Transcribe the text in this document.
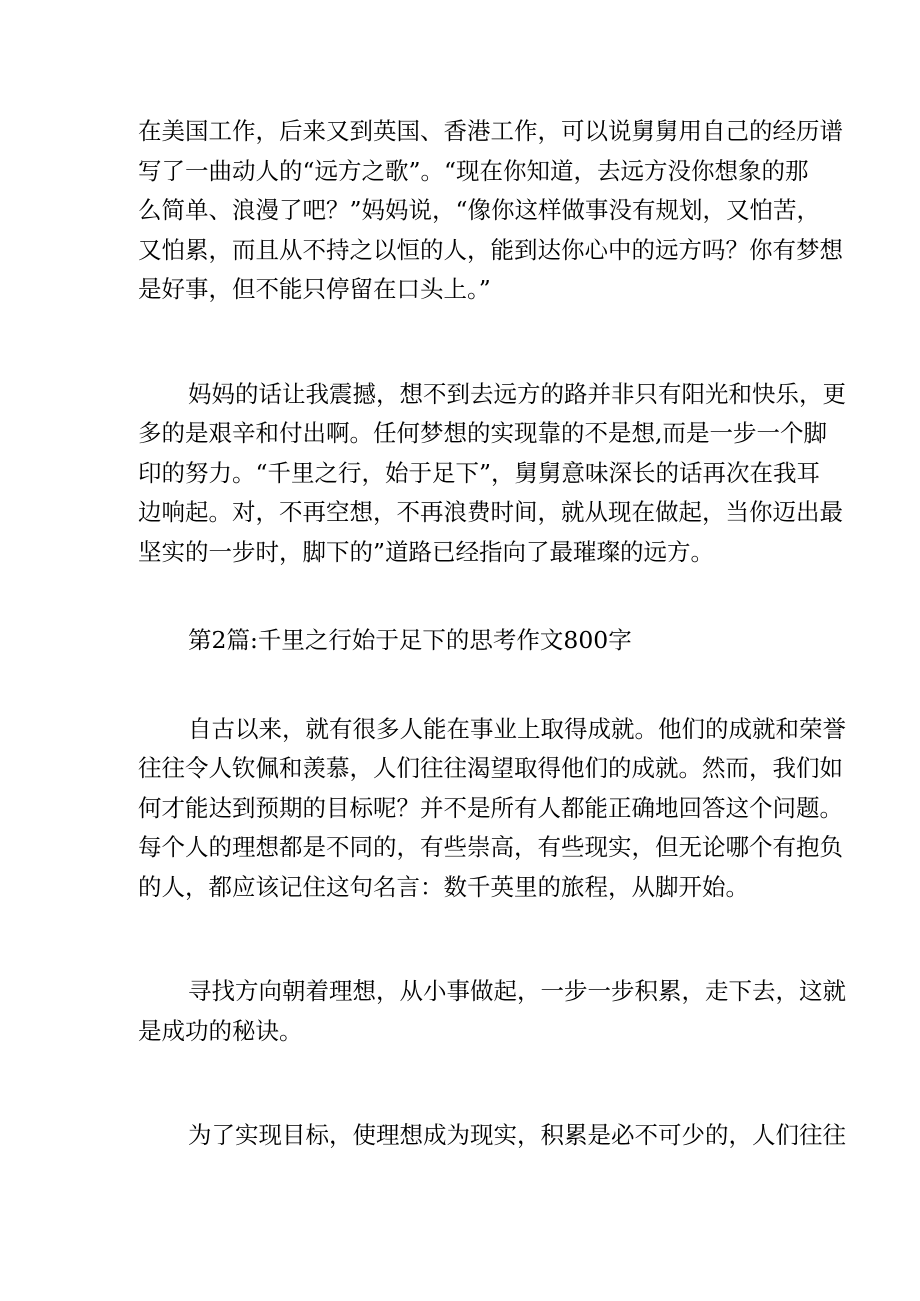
在美国工作，后来又到英国、香港工作，可以说舅舅用自己的经历谱
写了一曲动人的“远方之歌”。“现在你知道，去远方没你想象的那
么简单、浪漫了吧？”妈妈说，“像你这样做事没有规划，又怕苦，
又怕累，而且从不持之以恒的人，能到达你心中的远方吗？你有梦想
是好事，但不能只停留在口头上。”
妈妈的话让我震撼，想不到去远方的路并非只有阳光和快乐，更
多的是艰辛和付出啊。任何梦想的实现靠的不是想,而是一步一个脚
印的努力。“千里之行，始于足下”，舅舅意味深长的话再次在我耳
边响起。对，不再空想，不再浪费时间，就从现在做起，当你迈出最
坚实的一步时，脚下的”道路已经指向了最璀璨的远方。
第2篇:千里之行始于足下的思考作文800字
自古以来，就有很多人能在事业上取得成就。他们的成就和荣誉
往往令人钦佩和羡慕，人们往往渴望取得他们的成就。然而，我们如
何才能达到预期的目标呢？并不是所有人都能正确地回答这个问题。
每个人的理想都是不同的，有些崇高，有些现实，但无论哪个有抱负
的人，都应该记住这句名言：数千英里的旅程，从脚开始。
寻找方向朝着理想，从小事做起，一步一步积累，走下去，这就
是成功的秘诀。
为了实现目标，使理想成为现实，积累是必不可少的，人们往往
